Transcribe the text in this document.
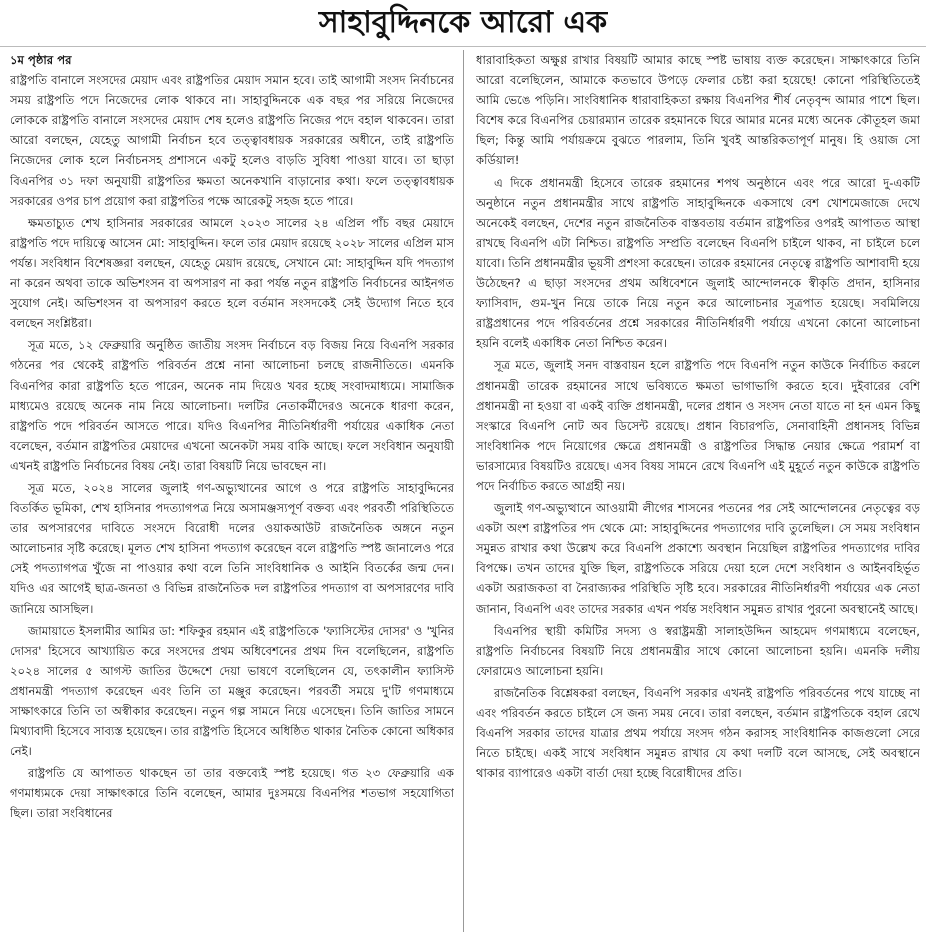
সাহাবুদ্দিনকে আরো এক
১ম পৃষ্ঠার পর

রাষ্ট্রপতি বানালে সংসদের মেয়াদ এবং রাষ্ট্রপতির মেয়াদ সমান হবে। তাই আগামী সংসদ নির্বাচনের সময় রাষ্ট্রপতি পদে নিজেদের লোক থাকবে না। সাহাবুদ্দিনকে এক বছর পর সরিয়ে নিজেদের লোককে রাষ্ট্রপতি বানালে সংসদের মেয়াদ শেষ হলেও রাষ্ট্রপতি নিজের পদে বহাল থাকবেন। তারা আরো বলছেন, যেহেতু আগামী নির্বাচন হবে তত্ত্বাবধায়ক সরকারের অধীনে, তাই রাষ্ট্রপতি নিজেদের লোক হলে নির্বাচনসহ প্রশাসনে একটু হলেও বাড়তি সুবিধা পাওয়া যাবে। তা ছাড়া বিএনপির ৩১ দফা অনুযায়ী রাষ্ট্রপতির ক্ষমতা অনেকখানি বাড়ানোর কথা। ফলে তত্ত্বাবধায়ক সরকারের ওপর চাপ প্রয়োগ করা রাষ্ট্রপতির পক্ষে আরেকটু সহজ হতে পারে।

ক্ষমতাচ্যুত শেখ হাসিনার সরকারের আমলে ২০২৩ সালের ২৪ এপ্রিল পাঁচ বছর মেয়াদে রাষ্ট্রপতি পদে দায়িত্বে আসেন মো: সাহাবুদ্দিন। ফলে তার মেয়াদ রয়েছে ২০২৮ সালের এপ্রিল মাস পর্যন্ত। সংবিধান বিশেষজ্ঞরা বলছেন, যেহেতু মেয়াদ রয়েছে, সেখানে মো: সাহাবুদ্দিন যদি পদত্যাগ না করেন অথবা তাকে অভিশংসন বা অপসারণ না করা পর্যন্ত নতুন রাষ্ট্রপতি নির্বাচনের আইনগত সুযোগ নেই। অভিশংসন বা অপসারণ করতে হলে বর্তমান সংসদকেই সেই উদ্যোগ নিতে হবে বলছেন সংশ্লিষ্টরা।

সূত্র মতে, ১২ ফেব্রুয়ারি অনুষ্ঠিত জাতীয় সংসদ নির্বাচনে বড় বিজয় নিয়ে বিএনপি সরকার গঠনের পর থেকেই রাষ্ট্রপতি পরিবর্তন প্রশ্নে নানা আলোচনা চলছে রাজনীতিতে। এমনকি বিএনপির কারা রাষ্ট্রপতি হতে পারেন, অনেক নাম দিয়েও খবর হচ্ছে সংবাদমাধ্যমে। সামাজিক মাধ্যমেও রয়েছে অনেক নাম নিয়ে আলোচনা। দলটির নেতাকর্মীদেরও অনেকে ধারণা করেন, রাষ্ট্রপতি পদে পরিবর্তন আসতে পারে। যদিও বিএনপির নীতিনির্ধারণী পর্যায়ের একাধিক নেতা বলেছেন, বর্তমান রাষ্ট্রপতির মেয়াদের এখনো অনেকটা সময় বাকি আছে। ফলে সংবিধান অনুযায়ী এখনই রাষ্ট্রপতি নির্বাচনের বিষয় নেই। তারা বিষয়টি নিয়ে ভাবছেন না।

সূত্র মতে, ২০২৪ সালের জুলাই গণ-অভ্যুত্থানের আগে ও পরে রাষ্ট্রপতি সাহাবুদ্দিনের বিতর্কিত ভূমিকা, শেখ হাসিনার পদত্যাগপত্র নিয়ে অসামঞ্জস্যপূর্ণ বক্তব্য এবং পরবর্তী পরিস্থিতিতে তার অপসারণের দাবিতে সংসদে বিরোধী দলের ওয়াকআউট রাজনৈতিক অঙ্গনে নতুন আলোচনার সৃষ্টি করেছে। মূলত শেখ হাসিনা পদত্যাগ করেছেন বলে রাষ্ট্রপতি স্পষ্ট জানালেও পরে সেই পদত্যাগপত্র খুঁজে না পাওয়ার কথা বলে তিনি সাংবিধানিক ও আইনি বিতর্কের জন্ম দেন। যদিও এর আগেই ছাত্র-জনতা ও বিভিন্ন রাজনৈতিক দল রাষ্ট্রপতির পদত্যাগ বা অপসারণের দাবি জানিয়ে আসছিল।

জামায়াতে ইসলামীর আমির ডা: শফিকুর রহমান এই রাষ্ট্রপতিকে 'ফ্যাসিস্টের দোসর' ও 'খুনির দোসর' হিসেবে আখ্যায়িত করে সংসদের প্রথম অধিবেশনের প্রথম দিন বলেছিলেন, রাষ্ট্রপতি ২০২৪ সালের ৫ আগস্ট জাতির উদ্দেশে দেয়া ভাষণে বলেছিলেন যে, তৎকালীন ফ্যাসিস্ট প্রধানমন্ত্রী পদত্যাগ করেছেন এবং তিনি তা মঞ্জুর করেছেন। পরবর্তী সময়ে দু'টি গণমাধ্যমে সাক্ষাৎকারে তিনি তা অস্বীকার করেছেন। নতুন গল্প সামনে নিয়ে এসেছেন। তিনি জাতির সামনে মিথ্যাবাদী হিসেবে সাব্যস্ত হয়েছেন। তার রাষ্ট্রপতি হিসেবে অধিষ্ঠিত থাকার নৈতিক কোনো অধিকার নেই।

রাষ্ট্রপতি যে আপাতত থাকছেন তা তার বক্তব্যেই স্পষ্ট হয়েছে। গত ২৩ ফেব্রুয়ারি এক গণমাধ্যমকে দেয়া সাক্ষাৎকারে তিনি বলেছেন, আমার দুঃসময়ে বিএনপির শতভাগ সহযোগিতা ছিল। তারা সংবিধানের

ধারাবাহিকতা অক্ষুণ্ণ রাখার বিষয়টি আমার কাছে স্পষ্ট ভাষায় ব্যক্ত করেছেন। সাক্ষাৎকারে তিনি আরো বলেছিলেন, আমাকে কতভাবে উপড়ে ফেলার চেষ্টা করা হয়েছে! কোনো পরিস্থিতিতেই আমি ভেঙে পড়িনি। সাংবিধানিক ধারাবাহিকতা রক্ষায় বিএনপির শীর্ষ নেতৃবৃন্দ আমার পাশে ছিল। বিশেষ করে বিএনপির চেয়ারম্যান তারেক রহমানকে ঘিরে আমার মনের মধ্যে অনেক কৌতূহল জমা ছিল; কিন্তু আমি পর্যায়ক্রমে বুঝতে পারলাম, তিনি খুবই আন্তরিকতাপূর্ণ মানুষ। হি ওয়াজ সো কর্ডিয়াল!

এ দিকে প্রধানমন্ত্রী হিসেবে তারেক রহমানের শপথ অনুষ্ঠানে এবং পরে আরো দু-একটি অনুষ্ঠানে নতুন প্রধানমন্ত্রীর সাথে রাষ্ট্রপতি সাহাবুদ্দিনকে একসাথে বেশ খোশমেজাজে দেখে অনেকেই বলছেন, দেশের নতুন রাজনৈতিক বাস্তবতায় বর্তমান রাষ্ট্রপতির ওপরই আপাতত আস্থা রাখছে বিএনপি এটা নিশ্চিত। রাষ্ট্রপতি সম্প্রতি বলেছেন বিএনপি চাইলে থাকব, না চাইলে চলে যাবো। তিনি প্রধানমন্ত্রীর ভূয়সী প্রশংসা করেছেন। তারেক রহমানের নেতৃত্বে রাষ্ট্রপতি আশাবাদী হয়ে উঠেছেন? এ ছাড়া সংসদের প্রথম অধিবেশনে জুলাই আন্দোলনকে স্বীকৃতি প্রদান, হাসিনার ফ্যাসিবাদ, গুম-খুন নিয়ে তাকে নিয়ে নতুন করে আলোচনার সূত্রপাত হয়েছে। সবমিলিয়ে রাষ্ট্রপ্রধানের পদে পরিবর্তনের প্রশ্নে সরকারের নীতিনির্ধারণী পর্যায়ে এখনো কোনো আলোচনা হয়নি বলেই একাধিক নেতা নিশ্চিত করেন।

সূত্র মতে, জুলাই সনদ বাস্তবায়ন হলে রাষ্ট্রপতি পদে বিএনপি নতুন কাউকে নির্বাচিত করলে প্রধানমন্ত্রী তারেক রহমানের সাথে ভবিষ্যতে ক্ষমতা ভাগাভাগি করতে হবে। দুইবারের বেশি প্রধানমন্ত্রী না হওয়া বা একই ব্যক্তি প্রধানমন্ত্রী, দলের প্রধান ও সংসদ নেতা যাতে না হন এমন কিছু সংস্কারে বিএনপি নোট অব ডিসেন্ট রয়েছে। প্রধান বিচারপতি, সেনাবাহিনী প্রধানসহ বিভিন্ন সাংবিধানিক পদে নিয়োগের ক্ষেত্রে প্রধানমন্ত্রী ও রাষ্ট্রপতির সিদ্ধান্ত নেয়ার ক্ষেত্রে পরামর্শ বা ভারসাম্যের বিষয়টিও রয়েছে। এসব বিষয় সামনে রেখে বিএনপি এই মুহূর্তে নতুন কাউকে রাষ্ট্রপতি পদে নির্বাচিত করতে আগ্রহী নয়।

জুলাই গণ-অভ্যুত্থানে আওয়ামী লীগের শাসনের পতনের পর সেই আন্দোলনের নেতৃত্বের বড় একটা অংশ রাষ্ট্রপতির পদ থেকে মো: সাহাবুদ্দিনের পদত্যাগের দাবি তুলেছিল। সে সময় সংবিধান সমুন্নত রাখার কথা উল্লেখ করে বিএনপি প্রকাশ্যে অবস্থান নিয়েছিল রাষ্ট্রপতির পদত্যাগের দাবির বিপক্ষে। তখন তাদের যুক্তি ছিল, রাষ্ট্রপতিকে সরিয়ে দেয়া হলে দেশে সংবিধান ও আইনবহির্ভূত একটা অরাজকতা বা নৈরাজ্যকর পরিস্থিতি সৃষ্টি হবে। সরকারের নীতিনির্ধারণী পর্যায়ের এক নেতা জানান, বিএনপি এবং তাদের সরকার এখন পর্যন্ত সংবিধান সমুন্নত রাখার পুরনো অবস্থানেই আছে।

বিএনপির স্থায়ী কমিটির সদস্য ও স্বরাষ্ট্রমন্ত্রী সালাহউদ্দিন আহমেদ গণমাধ্যমে বলেছেন, রাষ্ট্রপতি নির্বাচনের বিষয়টি নিয়ে প্রধানমন্ত্রীর সাথে কোনো আলোচনা হয়নি। এমনকি দলীয় ফোরামেও আলোচনা হয়নি।

রাজনৈতিক বিশ্লেষকরা বলছেন, বিএনপি সরকার এখনই রাষ্ট্রপতি পরিবর্তনের পথে যাচ্ছে না এবং পরিবর্তন করতে চাইলে সে জন্য সময় নেবে। তারা বলছেন, বর্তমান রাষ্ট্রপতিকে বহাল রেখে বিএনপি সরকার তাদের যাত্রার প্রথম পর্যায়ে সংসদ গঠন করাসহ সাংবিধানিক কাজগুলো সেরে নিতে চাইছে। একই সাথে সংবিধান সমুন্নত রাখার যে কথা দলটি বলে আসছে, সেই অবস্থানে থাকার ব্যাপারেও একটা বার্তা দেয়া হচ্ছে বিরোধীদের প্রতি।
